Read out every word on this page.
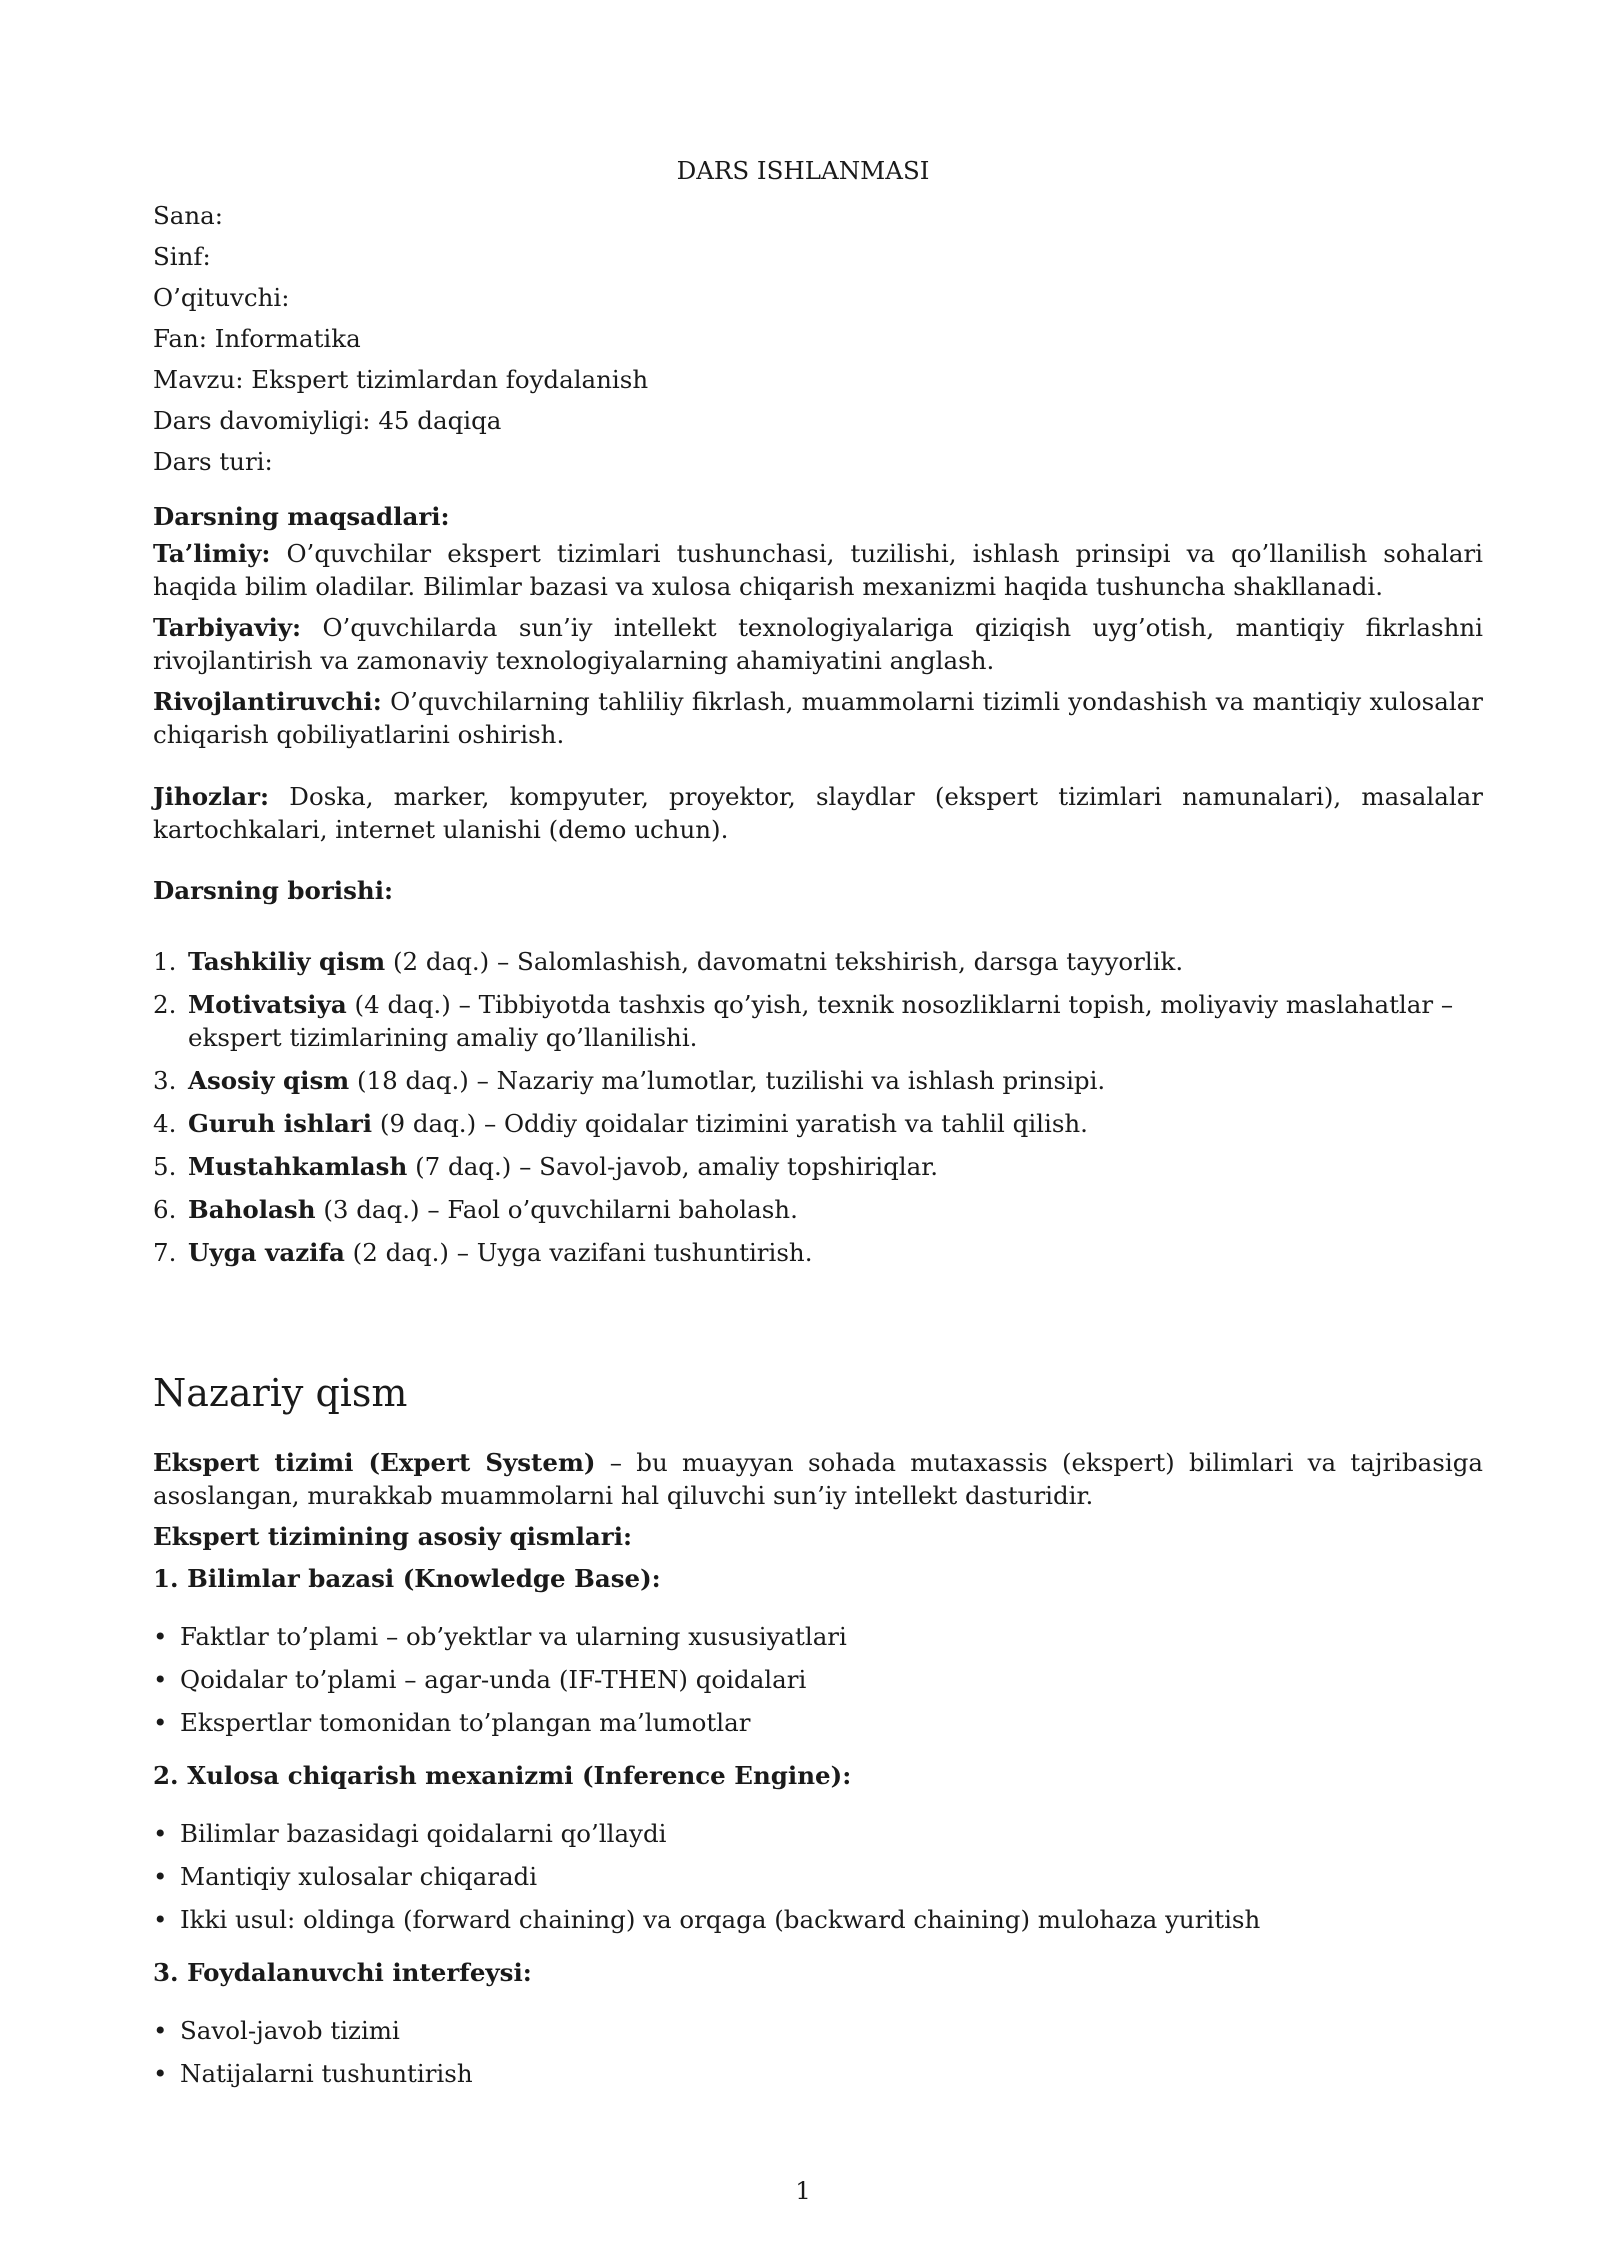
DARS ISHLANMASI

Sana:

Sinf:

O’qituvchi:

Fan: Informatika

Mavzu: Ekspert tizimlardan foydalanish

Dars davomiyligi: 45 daqiqa

Dars turi:

Darsning maqsadlari:

Ta’limiy: O’quvchilar ekspert tizimlari tushunchasi, tuzilishi, ishlash prinsipi va qo’llanilish sohalari haqida bilim oladilar. Bilimlar bazasi va xulosa chiqarish mexanizmi haqida tushuncha shakllanadi.

Tarbiyaviy: O’quvchilarda sun’iy intellekt texnologiyalariga qiziqish uyg’otish, mantiqiy fikrlashni rivojlantirish va zamonaviy texnologiyalarning ahamiyatini anglash.

Rivojlantiruvchi: O’quvchilarning tahliliy fikrlash, muammolarni tizimli yondashish va mantiqiy xulosalar chiqarish qobiliyatlarini oshirish.

Jihozlar: Doska, marker, kompyuter, proyektor, slaydlar (ekspert tizimlari namunalari), masalalar kartochkalari, internet ulanishi (demo uchun).

Darsning borishi:

1. Tashkiliy qism (2 daq.) – Salomlashish, davomatni tekshirish, darsga tayyorlik.
2. Motivatsiya (4 daq.) – Tibbiyotda tashxis qo’yish, texnik nosozliklarni topish, moliyaviy maslahatlar – ekspert tizimlarining amaliy qo’llanilishi.
3. Asosiy qism (18 daq.) – Nazariy ma’lumotlar, tuzilishi va ishlash prinsipi.
4. Guruh ishlari (9 daq.) – Oddiy qoidalar tizimini yaratish va tahlil qilish.
5. Mustahkamlash (7 daq.) – Savol-javob, amaliy topshiriqlar.
6. Baholash (3 daq.) – Faol o’quvchilarni baholash.
7. Uyga vazifa (2 daq.) – Uyga vazifani tushuntirish.
Nazariy qism

Ekspert tizimi (Expert System) – bu muayyan sohada mutaxassis (ekspert) bilimlari va tajribasiga asoslangan, murakkab muammolarni hal qiluvchi sun’iy intellekt dasturidir.

Ekspert tizimining asosiy qismlari:

1. Bilimlar bazasi (Knowledge Base):

• Faktlar to’plami – ob’yektlar va ularning xususiyatlari
• Qoidalar to’plami – agar-unda (IF-THEN) qoidalari
• Ekspertlar tomonidan to’plangan ma’lumotlar

2. Xulosa chiqarish mexanizmi (Inference Engine):

• Bilimlar bazasidagi qoidalarni qo’llaydi
• Mantiqiy xulosalar chiqaradi
• Ikki usul: oldinga (forward chaining) va orqaga (backward chaining) mulohaza yuritish

3. Foydalanuvchi interfeysi:

• Savol-javob tizimi
• Natijalarni tushuntirish
1
